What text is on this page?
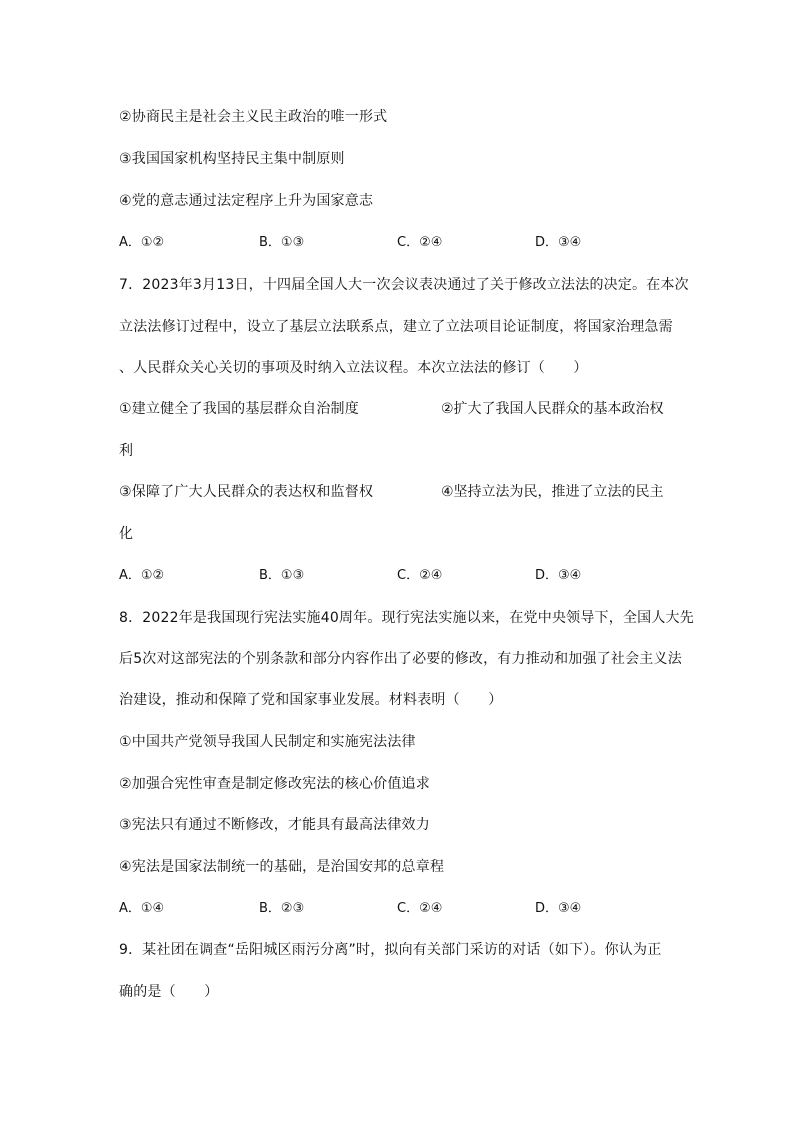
②协商民主是社会主义民主政治的唯一形式
③我国国家机构坚持民主集中制原则
④党的意志通过法定程序上升为国家意志
A．①②	B．①③	C．②④	D．③④
7．2023年3月13日，十四届全国人大一次会议表决通过了关于修改立法法的决定。在本次
立法法修订过程中，设立了基层立法联系点，建立了立法项目论证制度，将国家治理急需
、人民群众关心关切的事项及时纳入立法议程。本次立法法的修订（　　）
①建立健全了我国的基层群众自治制度	②扩大了我国人民群众的基本政治权
利
③保障了广大人民群众的表达权和监督权	④坚持立法为民，推进了立法的民主
化
A．①②	B．①③	C．②④	D．③④
8．2022年是我国现行宪法实施40周年。现行宪法实施以来，在党中央领导下，全国人大先
后5次对这部宪法的个别条款和部分内容作出了必要的修改，有力推动和加强了社会主义法
治建设，推动和保障了党和国家事业发展。材料表明（　　）
①中国共产党领导我国人民制定和实施宪法法律
②加强合宪性审查是制定修改宪法的核心价值追求
③宪法只有通过不断修改，才能具有最高法律效力
④宪法是国家法制统一的基础，是治国安邦的总章程
A．①④	B．②③	C．②④	D．③④
9．某社团在调查“岳阳城区雨污分离”时，拟向有关部门采访的对话（如下）。你认为正
确的是（　　）
